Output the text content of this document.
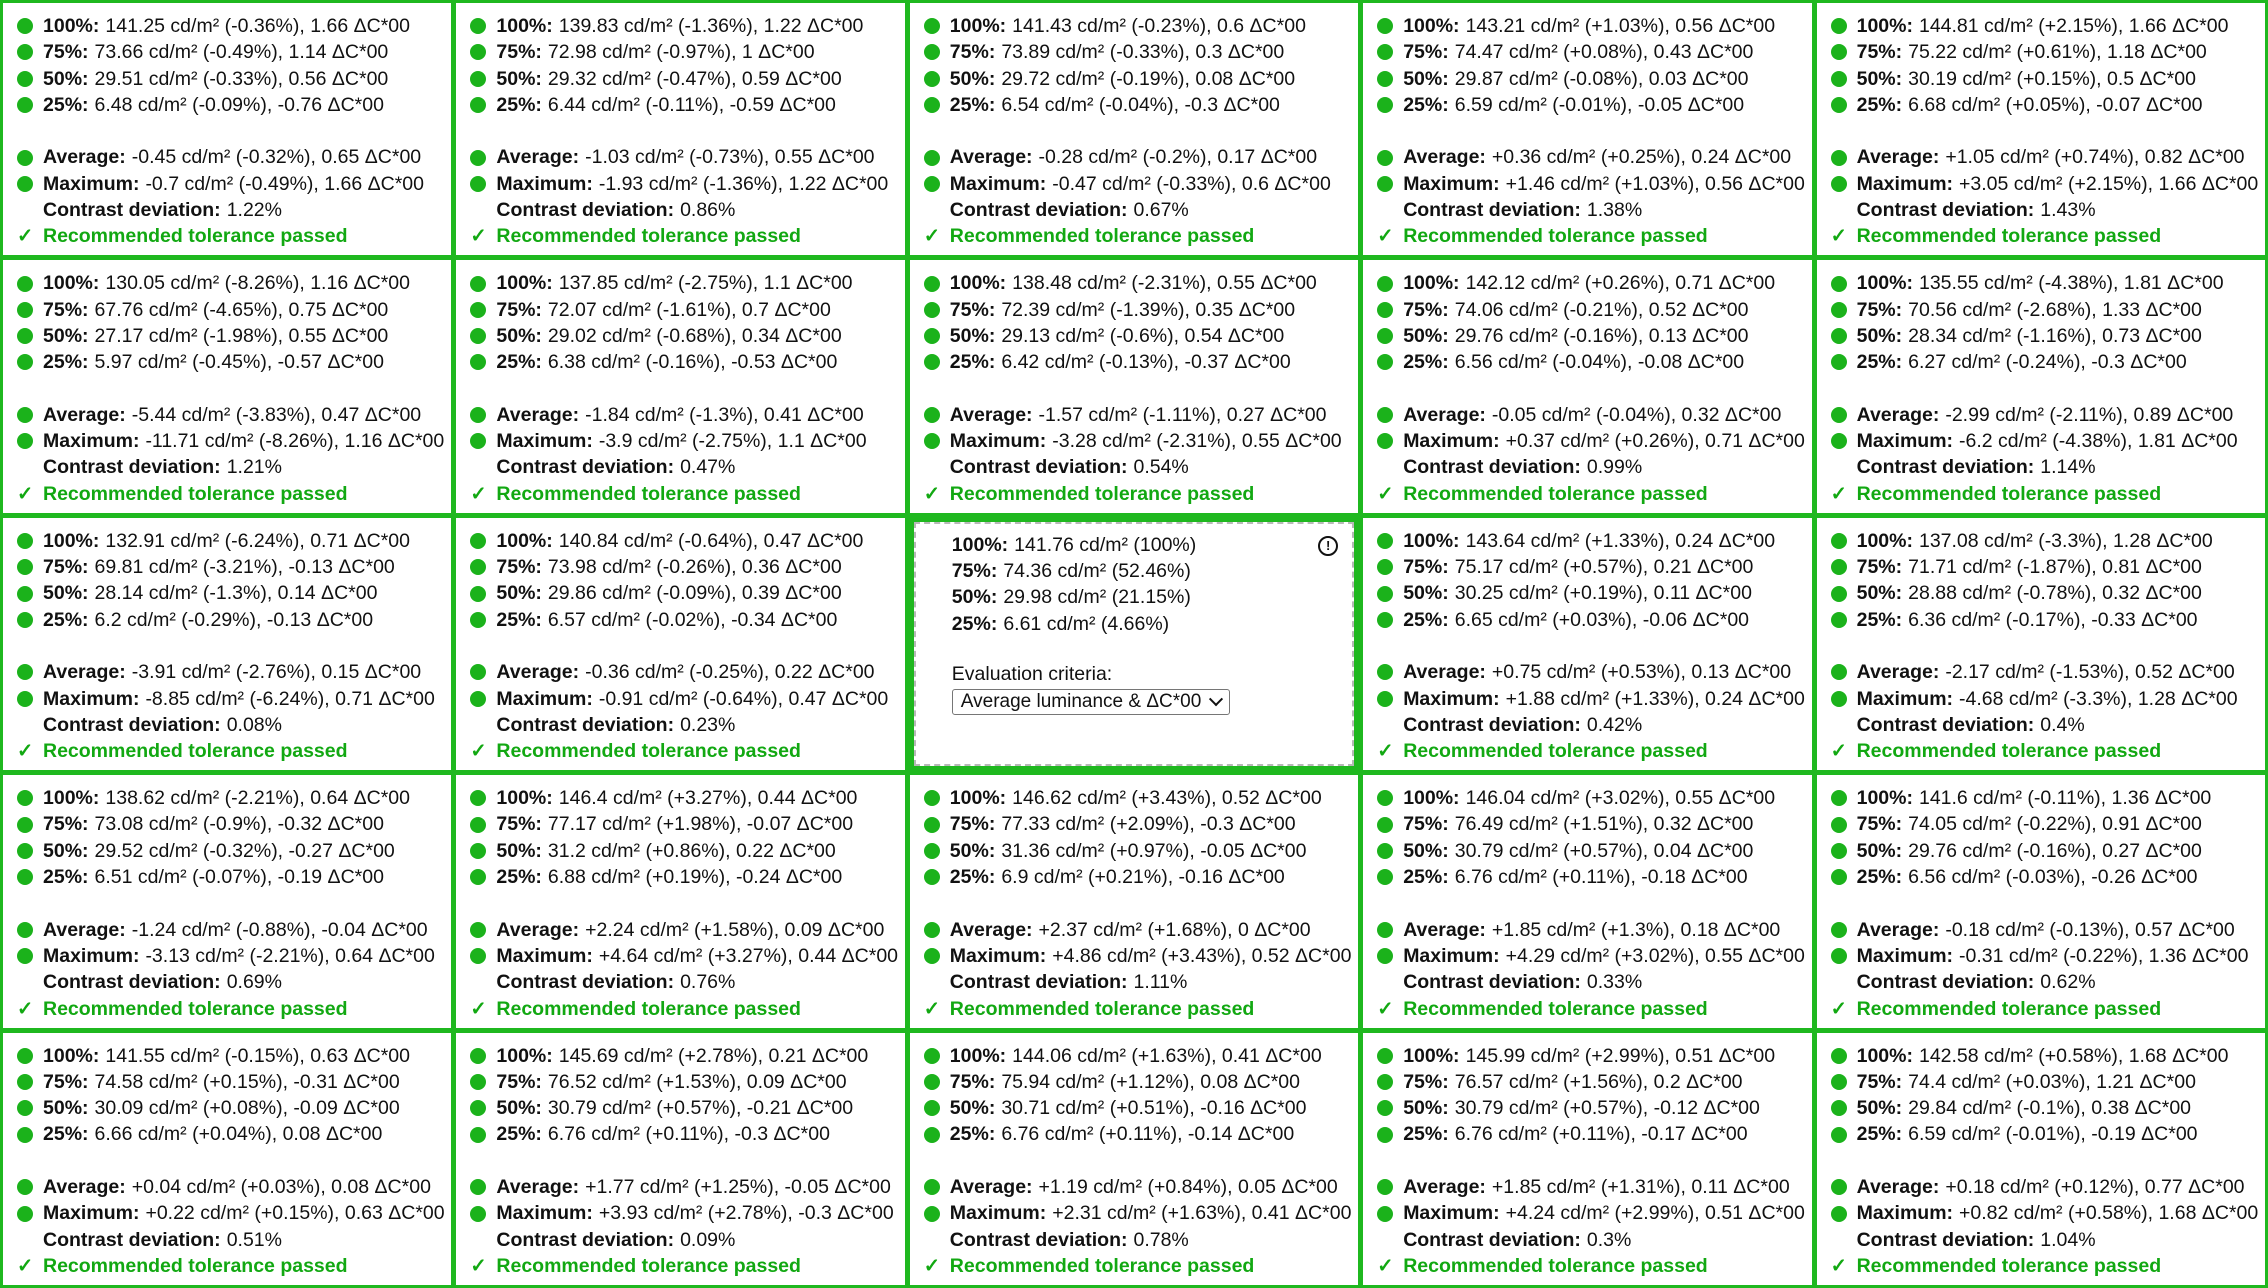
100%: 141.25 cd/m² (-0.36%), 1.66 ΔC*00
75%: 73.66 cd/m² (-0.49%), 1.14 ΔC*00
50%: 29.51 cd/m² (-0.33%), 0.56 ΔC*00
25%: 6.48 cd/m² (-0.09%), -0.76 ΔC*00
Average: -0.45 cd/m² (-0.32%), 0.65 ΔC*00
Maximum: -0.7 cd/m² (-0.49%), 1.66 ΔC*00
Contrast deviation: 1.22%
✓ Recommended tolerance passed
100%: 139.83 cd/m² (-1.36%), 1.22 ΔC*00
75%: 72.98 cd/m² (-0.97%), 1 ΔC*00
50%: 29.32 cd/m² (-0.47%), 0.59 ΔC*00
25%: 6.44 cd/m² (-0.11%), -0.59 ΔC*00
Average: -1.03 cd/m² (-0.73%), 0.55 ΔC*00
Maximum: -1.93 cd/m² (-1.36%), 1.22 ΔC*00
Contrast deviation: 0.86%
✓ Recommended tolerance passed
100%: 141.43 cd/m² (-0.23%), 0.6 ΔC*00
75%: 73.89 cd/m² (-0.33%), 0.3 ΔC*00
50%: 29.72 cd/m² (-0.19%), 0.08 ΔC*00
25%: 6.54 cd/m² (-0.04%), -0.3 ΔC*00
Average: -0.28 cd/m² (-0.2%), 0.17 ΔC*00
Maximum: -0.47 cd/m² (-0.33%), 0.6 ΔC*00
Contrast deviation: 0.67%
✓ Recommended tolerance passed
100%: 143.21 cd/m² (+1.03%), 0.56 ΔC*00
75%: 74.47 cd/m² (+0.08%), 0.43 ΔC*00
50%: 29.87 cd/m² (-0.08%), 0.03 ΔC*00
25%: 6.59 cd/m² (-0.01%), -0.05 ΔC*00
Average: +0.36 cd/m² (+0.25%), 0.24 ΔC*00
Maximum: +1.46 cd/m² (+1.03%), 0.56 ΔC*00
Contrast deviation: 1.38%
✓ Recommended tolerance passed
100%: 144.81 cd/m² (+2.15%), 1.66 ΔC*00
75%: 75.22 cd/m² (+0.61%), 1.18 ΔC*00
50%: 30.19 cd/m² (+0.15%), 0.5 ΔC*00
25%: 6.68 cd/m² (+0.05%), -0.07 ΔC*00
Average: +1.05 cd/m² (+0.74%), 0.82 ΔC*00
Maximum: +3.05 cd/m² (+2.15%), 1.66 ΔC*00
Contrast deviation: 1.43%
✓ Recommended tolerance passed
100%: 130.05 cd/m² (-8.26%), 1.16 ΔC*00
75%: 67.76 cd/m² (-4.65%), 0.75 ΔC*00
50%: 27.17 cd/m² (-1.98%), 0.55 ΔC*00
25%: 5.97 cd/m² (-0.45%), -0.57 ΔC*00
Average: -5.44 cd/m² (-3.83%), 0.47 ΔC*00
Maximum: -11.71 cd/m² (-8.26%), 1.16 ΔC*00
Contrast deviation: 1.21%
✓ Recommended tolerance passed
100%: 137.85 cd/m² (-2.75%), 1.1 ΔC*00
75%: 72.07 cd/m² (-1.61%), 0.7 ΔC*00
50%: 29.02 cd/m² (-0.68%), 0.34 ΔC*00
25%: 6.38 cd/m² (-0.16%), -0.53 ΔC*00
Average: -1.84 cd/m² (-1.3%), 0.41 ΔC*00
Maximum: -3.9 cd/m² (-2.75%), 1.1 ΔC*00
Contrast deviation: 0.47%
✓ Recommended tolerance passed
100%: 138.48 cd/m² (-2.31%), 0.55 ΔC*00
75%: 72.39 cd/m² (-1.39%), 0.35 ΔC*00
50%: 29.13 cd/m² (-0.6%), 0.54 ΔC*00
25%: 6.42 cd/m² (-0.13%), -0.37 ΔC*00
Average: -1.57 cd/m² (-1.11%), 0.27 ΔC*00
Maximum: -3.28 cd/m² (-2.31%), 0.55 ΔC*00
Contrast deviation: 0.54%
✓ Recommended tolerance passed
100%: 142.12 cd/m² (+0.26%), 0.71 ΔC*00
75%: 74.06 cd/m² (-0.21%), 0.52 ΔC*00
50%: 29.76 cd/m² (-0.16%), 0.13 ΔC*00
25%: 6.56 cd/m² (-0.04%), -0.08 ΔC*00
Average: -0.05 cd/m² (-0.04%), 0.32 ΔC*00
Maximum: +0.37 cd/m² (+0.26%), 0.71 ΔC*00
Contrast deviation: 0.99%
✓ Recommended tolerance passed
100%: 135.55 cd/m² (-4.38%), 1.81 ΔC*00
75%: 70.56 cd/m² (-2.68%), 1.33 ΔC*00
50%: 28.34 cd/m² (-1.16%), 0.73 ΔC*00
25%: 6.27 cd/m² (-0.24%), -0.3 ΔC*00
Average: -2.99 cd/m² (-2.11%), 0.89 ΔC*00
Maximum: -6.2 cd/m² (-4.38%), 1.81 ΔC*00
Contrast deviation: 1.14%
✓ Recommended tolerance passed
100%: 132.91 cd/m² (-6.24%), 0.71 ΔC*00
75%: 69.81 cd/m² (-3.21%), -0.13 ΔC*00
50%: 28.14 cd/m² (-1.3%), 0.14 ΔC*00
25%: 6.2 cd/m² (-0.29%), -0.13 ΔC*00
Average: -3.91 cd/m² (-2.76%), 0.15 ΔC*00
Maximum: -8.85 cd/m² (-6.24%), 0.71 ΔC*00
Contrast deviation: 0.08%
✓ Recommended tolerance passed
100%: 140.84 cd/m² (-0.64%), 0.47 ΔC*00
75%: 73.98 cd/m² (-0.26%), 0.36 ΔC*00
50%: 29.86 cd/m² (-0.09%), 0.39 ΔC*00
25%: 6.57 cd/m² (-0.02%), -0.34 ΔC*00
Average: -0.36 cd/m² (-0.25%), 0.22 ΔC*00
Maximum: -0.91 cd/m² (-0.64%), 0.47 ΔC*00
Contrast deviation: 0.23%
✓ Recommended tolerance passed
!
100%: 141.76 cd/m² (100%)
75%: 74.36 cd/m² (52.46%)
50%: 29.98 cd/m² (21.15%)
25%: 6.61 cd/m² (4.66%)
Evaluation criteria:
Average luminance & ΔC*00
100%: 143.64 cd/m² (+1.33%), 0.24 ΔC*00
75%: 75.17 cd/m² (+0.57%), 0.21 ΔC*00
50%: 30.25 cd/m² (+0.19%), 0.11 ΔC*00
25%: 6.65 cd/m² (+0.03%), -0.06 ΔC*00
Average: +0.75 cd/m² (+0.53%), 0.13 ΔC*00
Maximum: +1.88 cd/m² (+1.33%), 0.24 ΔC*00
Contrast deviation: 0.42%
✓ Recommended tolerance passed
100%: 137.08 cd/m² (-3.3%), 1.28 ΔC*00
75%: 71.71 cd/m² (-1.87%), 0.81 ΔC*00
50%: 28.88 cd/m² (-0.78%), 0.32 ΔC*00
25%: 6.36 cd/m² (-0.17%), -0.33 ΔC*00
Average: -2.17 cd/m² (-1.53%), 0.52 ΔC*00
Maximum: -4.68 cd/m² (-3.3%), 1.28 ΔC*00
Contrast deviation: 0.4%
✓ Recommended tolerance passed
100%: 138.62 cd/m² (-2.21%), 0.64 ΔC*00
75%: 73.08 cd/m² (-0.9%), -0.32 ΔC*00
50%: 29.52 cd/m² (-0.32%), -0.27 ΔC*00
25%: 6.51 cd/m² (-0.07%), -0.19 ΔC*00
Average: -1.24 cd/m² (-0.88%), -0.04 ΔC*00
Maximum: -3.13 cd/m² (-2.21%), 0.64 ΔC*00
Contrast deviation: 0.69%
✓ Recommended tolerance passed
100%: 146.4 cd/m² (+3.27%), 0.44 ΔC*00
75%: 77.17 cd/m² (+1.98%), -0.07 ΔC*00
50%: 31.2 cd/m² (+0.86%), 0.22 ΔC*00
25%: 6.88 cd/m² (+0.19%), -0.24 ΔC*00
Average: +2.24 cd/m² (+1.58%), 0.09 ΔC*00
Maximum: +4.64 cd/m² (+3.27%), 0.44 ΔC*00
Contrast deviation: 0.76%
✓ Recommended tolerance passed
100%: 146.62 cd/m² (+3.43%), 0.52 ΔC*00
75%: 77.33 cd/m² (+2.09%), -0.3 ΔC*00
50%: 31.36 cd/m² (+0.97%), -0.05 ΔC*00
25%: 6.9 cd/m² (+0.21%), -0.16 ΔC*00
Average: +2.37 cd/m² (+1.68%), 0 ΔC*00
Maximum: +4.86 cd/m² (+3.43%), 0.52 ΔC*00
Contrast deviation: 1.11%
✓ Recommended tolerance passed
100%: 146.04 cd/m² (+3.02%), 0.55 ΔC*00
75%: 76.49 cd/m² (+1.51%), 0.32 ΔC*00
50%: 30.79 cd/m² (+0.57%), 0.04 ΔC*00
25%: 6.76 cd/m² (+0.11%), -0.18 ΔC*00
Average: +1.85 cd/m² (+1.3%), 0.18 ΔC*00
Maximum: +4.29 cd/m² (+3.02%), 0.55 ΔC*00
Contrast deviation: 0.33%
✓ Recommended tolerance passed
100%: 141.6 cd/m² (-0.11%), 1.36 ΔC*00
75%: 74.05 cd/m² (-0.22%), 0.91 ΔC*00
50%: 29.76 cd/m² (-0.16%), 0.27 ΔC*00
25%: 6.56 cd/m² (-0.03%), -0.26 ΔC*00
Average: -0.18 cd/m² (-0.13%), 0.57 ΔC*00
Maximum: -0.31 cd/m² (-0.22%), 1.36 ΔC*00
Contrast deviation: 0.62%
✓ Recommended tolerance passed
100%: 141.55 cd/m² (-0.15%), 0.63 ΔC*00
75%: 74.58 cd/m² (+0.15%), -0.31 ΔC*00
50%: 30.09 cd/m² (+0.08%), -0.09 ΔC*00
25%: 6.66 cd/m² (+0.04%), 0.08 ΔC*00
Average: +0.04 cd/m² (+0.03%), 0.08 ΔC*00
Maximum: +0.22 cd/m² (+0.15%), 0.63 ΔC*00
Contrast deviation: 0.51%
✓ Recommended tolerance passed
100%: 145.69 cd/m² (+2.78%), 0.21 ΔC*00
75%: 76.52 cd/m² (+1.53%), 0.09 ΔC*00
50%: 30.79 cd/m² (+0.57%), -0.21 ΔC*00
25%: 6.76 cd/m² (+0.11%), -0.3 ΔC*00
Average: +1.77 cd/m² (+1.25%), -0.05 ΔC*00
Maximum: +3.93 cd/m² (+2.78%), -0.3 ΔC*00
Contrast deviation: 0.09%
✓ Recommended tolerance passed
100%: 144.06 cd/m² (+1.63%), 0.41 ΔC*00
75%: 75.94 cd/m² (+1.12%), 0.08 ΔC*00
50%: 30.71 cd/m² (+0.51%), -0.16 ΔC*00
25%: 6.76 cd/m² (+0.11%), -0.14 ΔC*00
Average: +1.19 cd/m² (+0.84%), 0.05 ΔC*00
Maximum: +2.31 cd/m² (+1.63%), 0.41 ΔC*00
Contrast deviation: 0.78%
✓ Recommended tolerance passed
100%: 145.99 cd/m² (+2.99%), 0.51 ΔC*00
75%: 76.57 cd/m² (+1.56%), 0.2 ΔC*00
50%: 30.79 cd/m² (+0.57%), -0.12 ΔC*00
25%: 6.76 cd/m² (+0.11%), -0.17 ΔC*00
Average: +1.85 cd/m² (+1.31%), 0.11 ΔC*00
Maximum: +4.24 cd/m² (+2.99%), 0.51 ΔC*00
Contrast deviation: 0.3%
✓ Recommended tolerance passed
100%: 142.58 cd/m² (+0.58%), 1.68 ΔC*00
75%: 74.4 cd/m² (+0.03%), 1.21 ΔC*00
50%: 29.84 cd/m² (-0.1%), 0.38 ΔC*00
25%: 6.59 cd/m² (-0.01%), -0.19 ΔC*00
Average: +0.18 cd/m² (+0.12%), 0.77 ΔC*00
Maximum: +0.82 cd/m² (+0.58%), 1.68 ΔC*00
Contrast deviation: 1.04%
✓ Recommended tolerance passed
